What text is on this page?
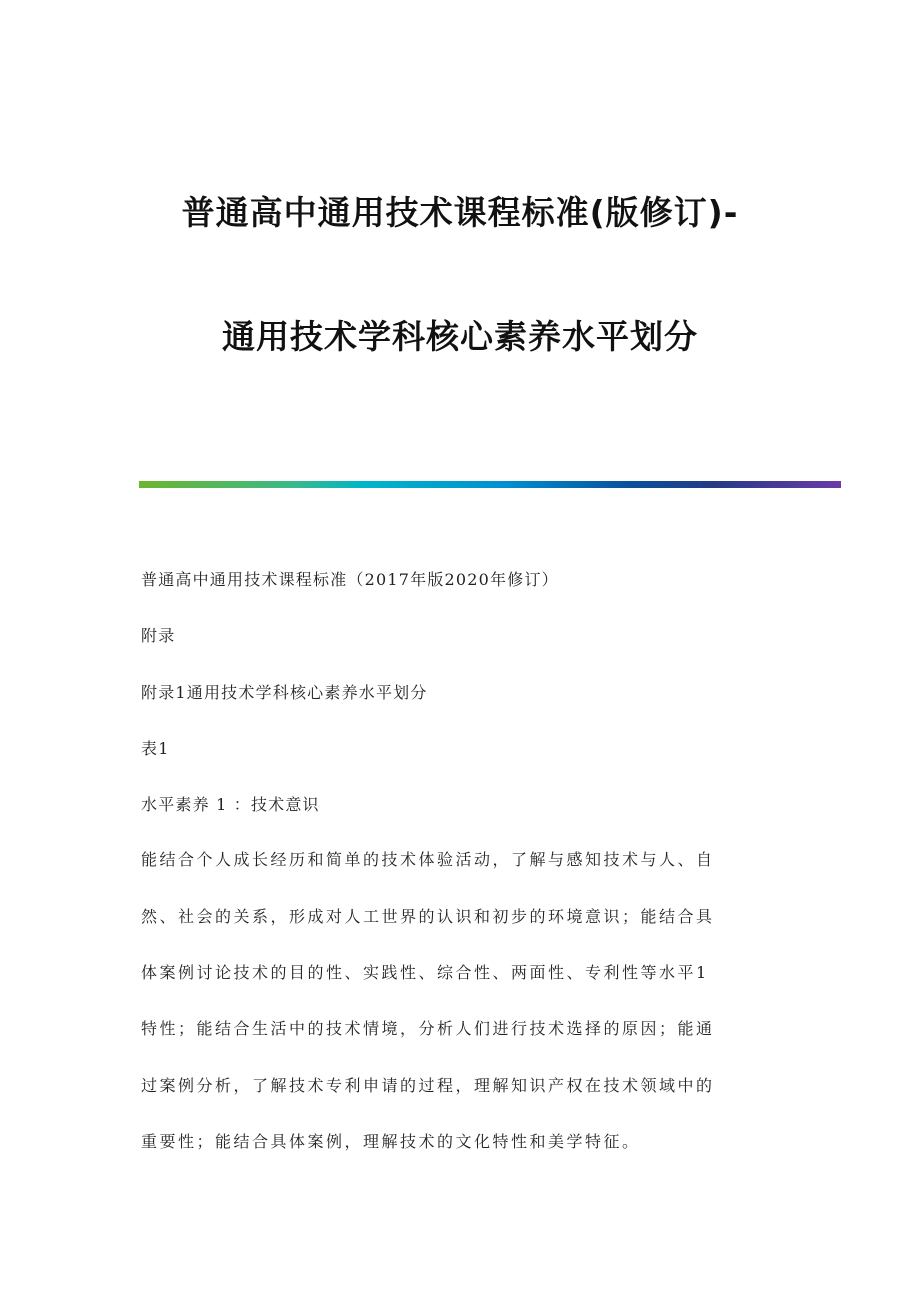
普通高中通用技术课程标准(版修订)-
通用技术学科核心素养水平划分
普通高中通用技术课程标准（2017年版2020年修订）
附录
附录1通用技术学科核心素养水平划分
表1
水平素养 1 ：技术意识
能结合个人成长经历和简单的技术体验活动，了解与感知技术与人、自
然、社会的关系，形成对人工世界的认识和初步的环境意识；能结合具
体案例讨论技术的目的性、实践性、综合性、两面性、专利性等水平1
特性；能结合生活中的技术情境，分析人们进行技术选择的原因；能通
过案例分析，了解技术专利申请的过程，理解知识产权在技术领域中的
重要性；能结合具体案例，理解技术的文化特性和美学特征。
